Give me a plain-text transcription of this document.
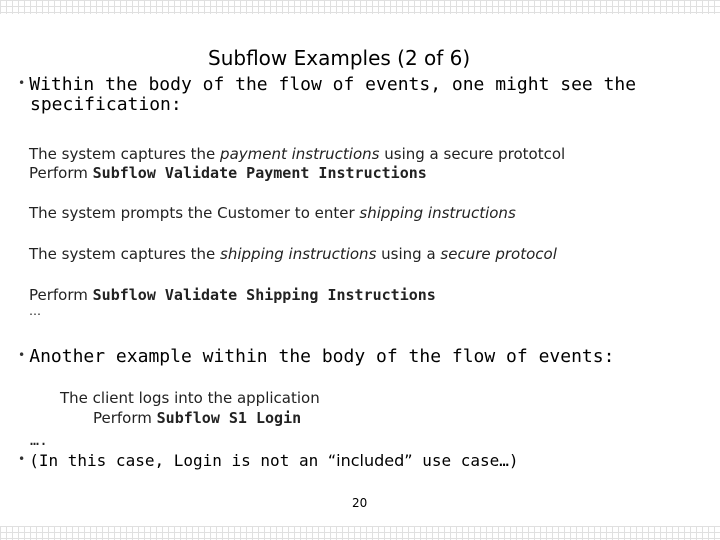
Subflow Examples (2 of 6)
• Within the body of the flow of events, one might see the
specification:
The system captures the payment instructions using a secure prototcol
Perform Subflow Validate Payment Instructions
The system prompts the Customer to enter shipping instructions
The system captures the shipping instructions using a secure protocol
Perform Subflow Validate Shipping Instructions
…
• Another example within the body of the flow of events:
The client logs into the application
Perform Subflow S1 Login
….
• (In this case, Login is not an “included” use case…)
20
